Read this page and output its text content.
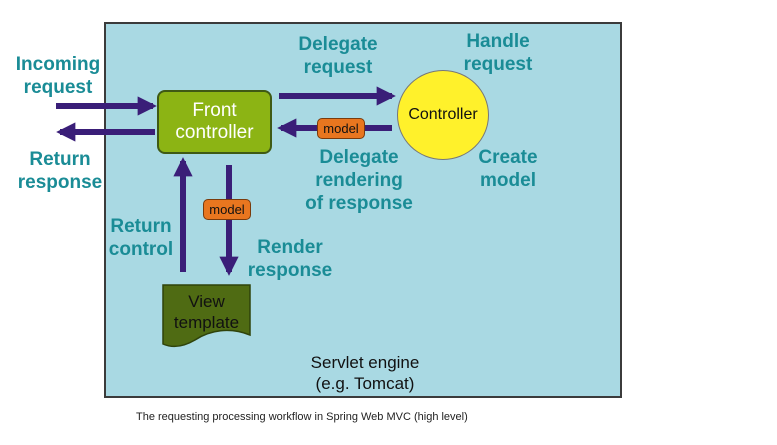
Front
controller
Controller
model
model
View
template
Incoming
request
Return
response
Delegate
request
Handle
request
Delegate
rendering
of response
Create
model
Return
control	Render
response
Servlet engine
(e.g. Tomcat)
The requesting processing workflow in Spring Web MVC (high level)
